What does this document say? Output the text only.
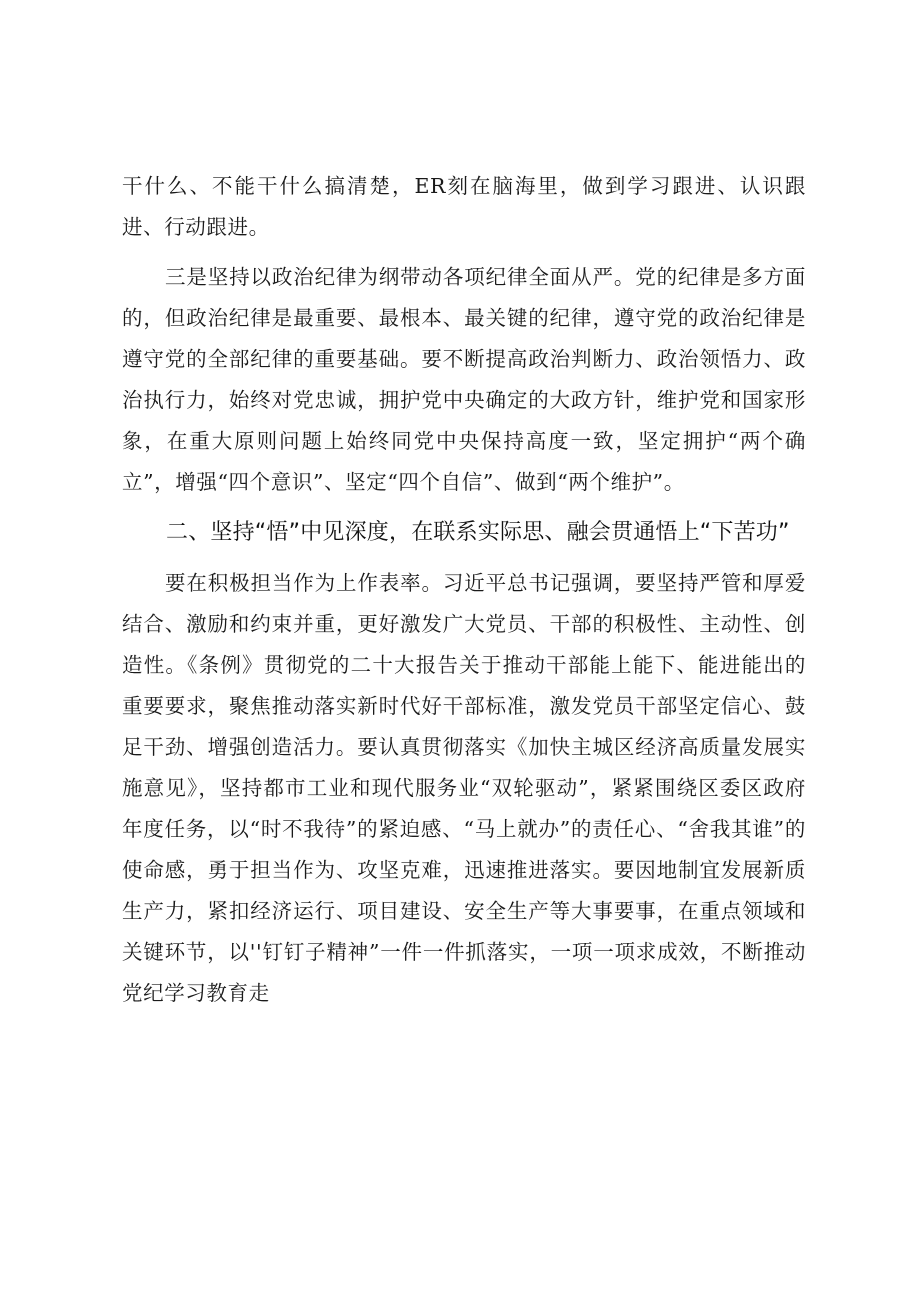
干什么、不能干什么搞清楚，ER刻在脑海里，做到学习跟进、认识跟进、行动跟进。

三是坚持以政治纪律为纲带动各项纪律全面从严。党的纪律是多方面的，但政治纪律是最重要、最根本、最关键的纪律，遵守党的政治纪律是遵守党的全部纪律的重要基础。要不断提高政治判断力、政治领悟力、政治执行力，始终对党忠诚，拥护党中央确定的大政方针，维护党和国家形象，在重大原则问题上始终同党中央保持高度一致，坚定拥护“两个确立”，增强“四个意识”、坚定“四个自信”、做到“两个维护”。

二、坚持“悟”中见深度，在联系实际思、融会贯通悟上“下苦功”

要在积极担当作为上作表率。习近平总书记强调，要坚持严管和厚爱结合、激励和约束并重，更好激发广大党员、干部的积极性、主动性、创造性。《条例》贯彻党的二十大报告关于推动干部能上能下、能进能出的重要要求，聚焦推动落实新时代好干部标准，激发党员干部坚定信心、鼓足干劲、增强创造活力。要认真贯彻落实《加快主城区经济高质量发展实施意见》，坚持都市工业和现代服务业“双轮驱动”，紧紧围绕区委区政府年度任务，以“时不我待”的紧迫感、“马上就办”的责任心、“舍我其谁”的使命感，勇于担当作为、攻坚克难，迅速推进落实。要因地制宜发展新质生产力，紧扣经济运行、项目建设、安全生产等大事要事，在重点领域和关键环节，以''钉钉子精神”一件一件抓落实，一项一项求成效，不断推动党纪学习教育走
